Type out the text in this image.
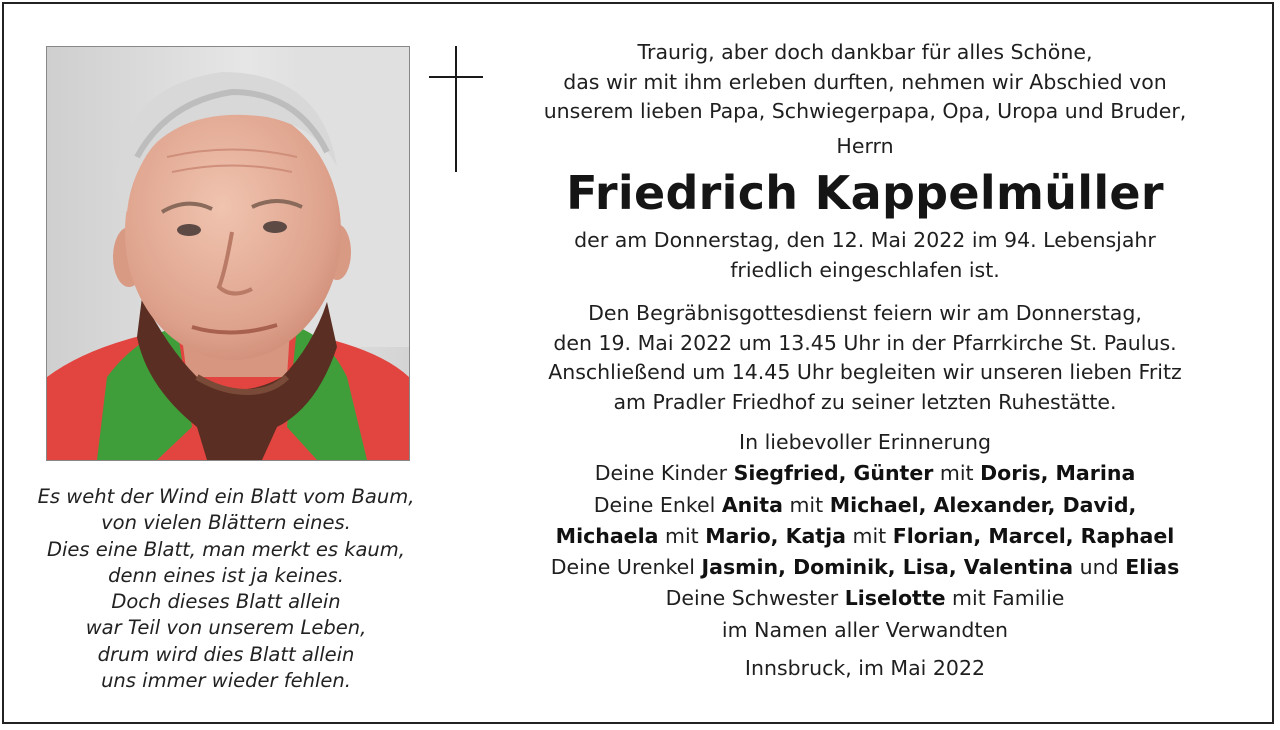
Es weht der Wind ein Blatt vom Baum,
von vielen Blättern eines.
Dies eine Blatt, man merkt es kaum,
denn eines ist ja keines.
Doch dieses Blatt allein
war Teil von unserem Leben,
drum wird dies Blatt allein
uns immer wieder fehlen.
Traurig, aber doch dankbar für alles Schöne,
das wir mit ihm erleben durften, nehmen wir Abschied von
unserem lieben Papa, Schwiegerpapa, Opa, Uropa und Bruder,
Herrn
Friedrich Kappelmüller
der am Donnerstag, den 12. Mai 2022 im 94. Lebensjahr
friedlich eingeschlafen ist.
Den Begräbnisgottesdienst feiern wir am Donnerstag,
den 19. Mai 2022 um 13.45 Uhr in der Pfarrkirche St. Paulus.
Anschließend um 14.45 Uhr begleiten wir unseren lieben Fritz
am Pradler Friedhof zu seiner letzten Ruhestätte.
In liebevoller Erinnerung
Deine Kinder Siegfried, Günter mit Doris, Marina
Deine Enkel Anita mit Michael, Alexander, David,
Michaela mit Mario, Katja mit Florian, Marcel, Raphael
Deine Urenkel Jasmin, Dominik, Lisa, Valentina und Elias
Deine Schwester Liselotte mit Familie
im Namen aller Verwandten
Innsbruck, im Mai 2022
